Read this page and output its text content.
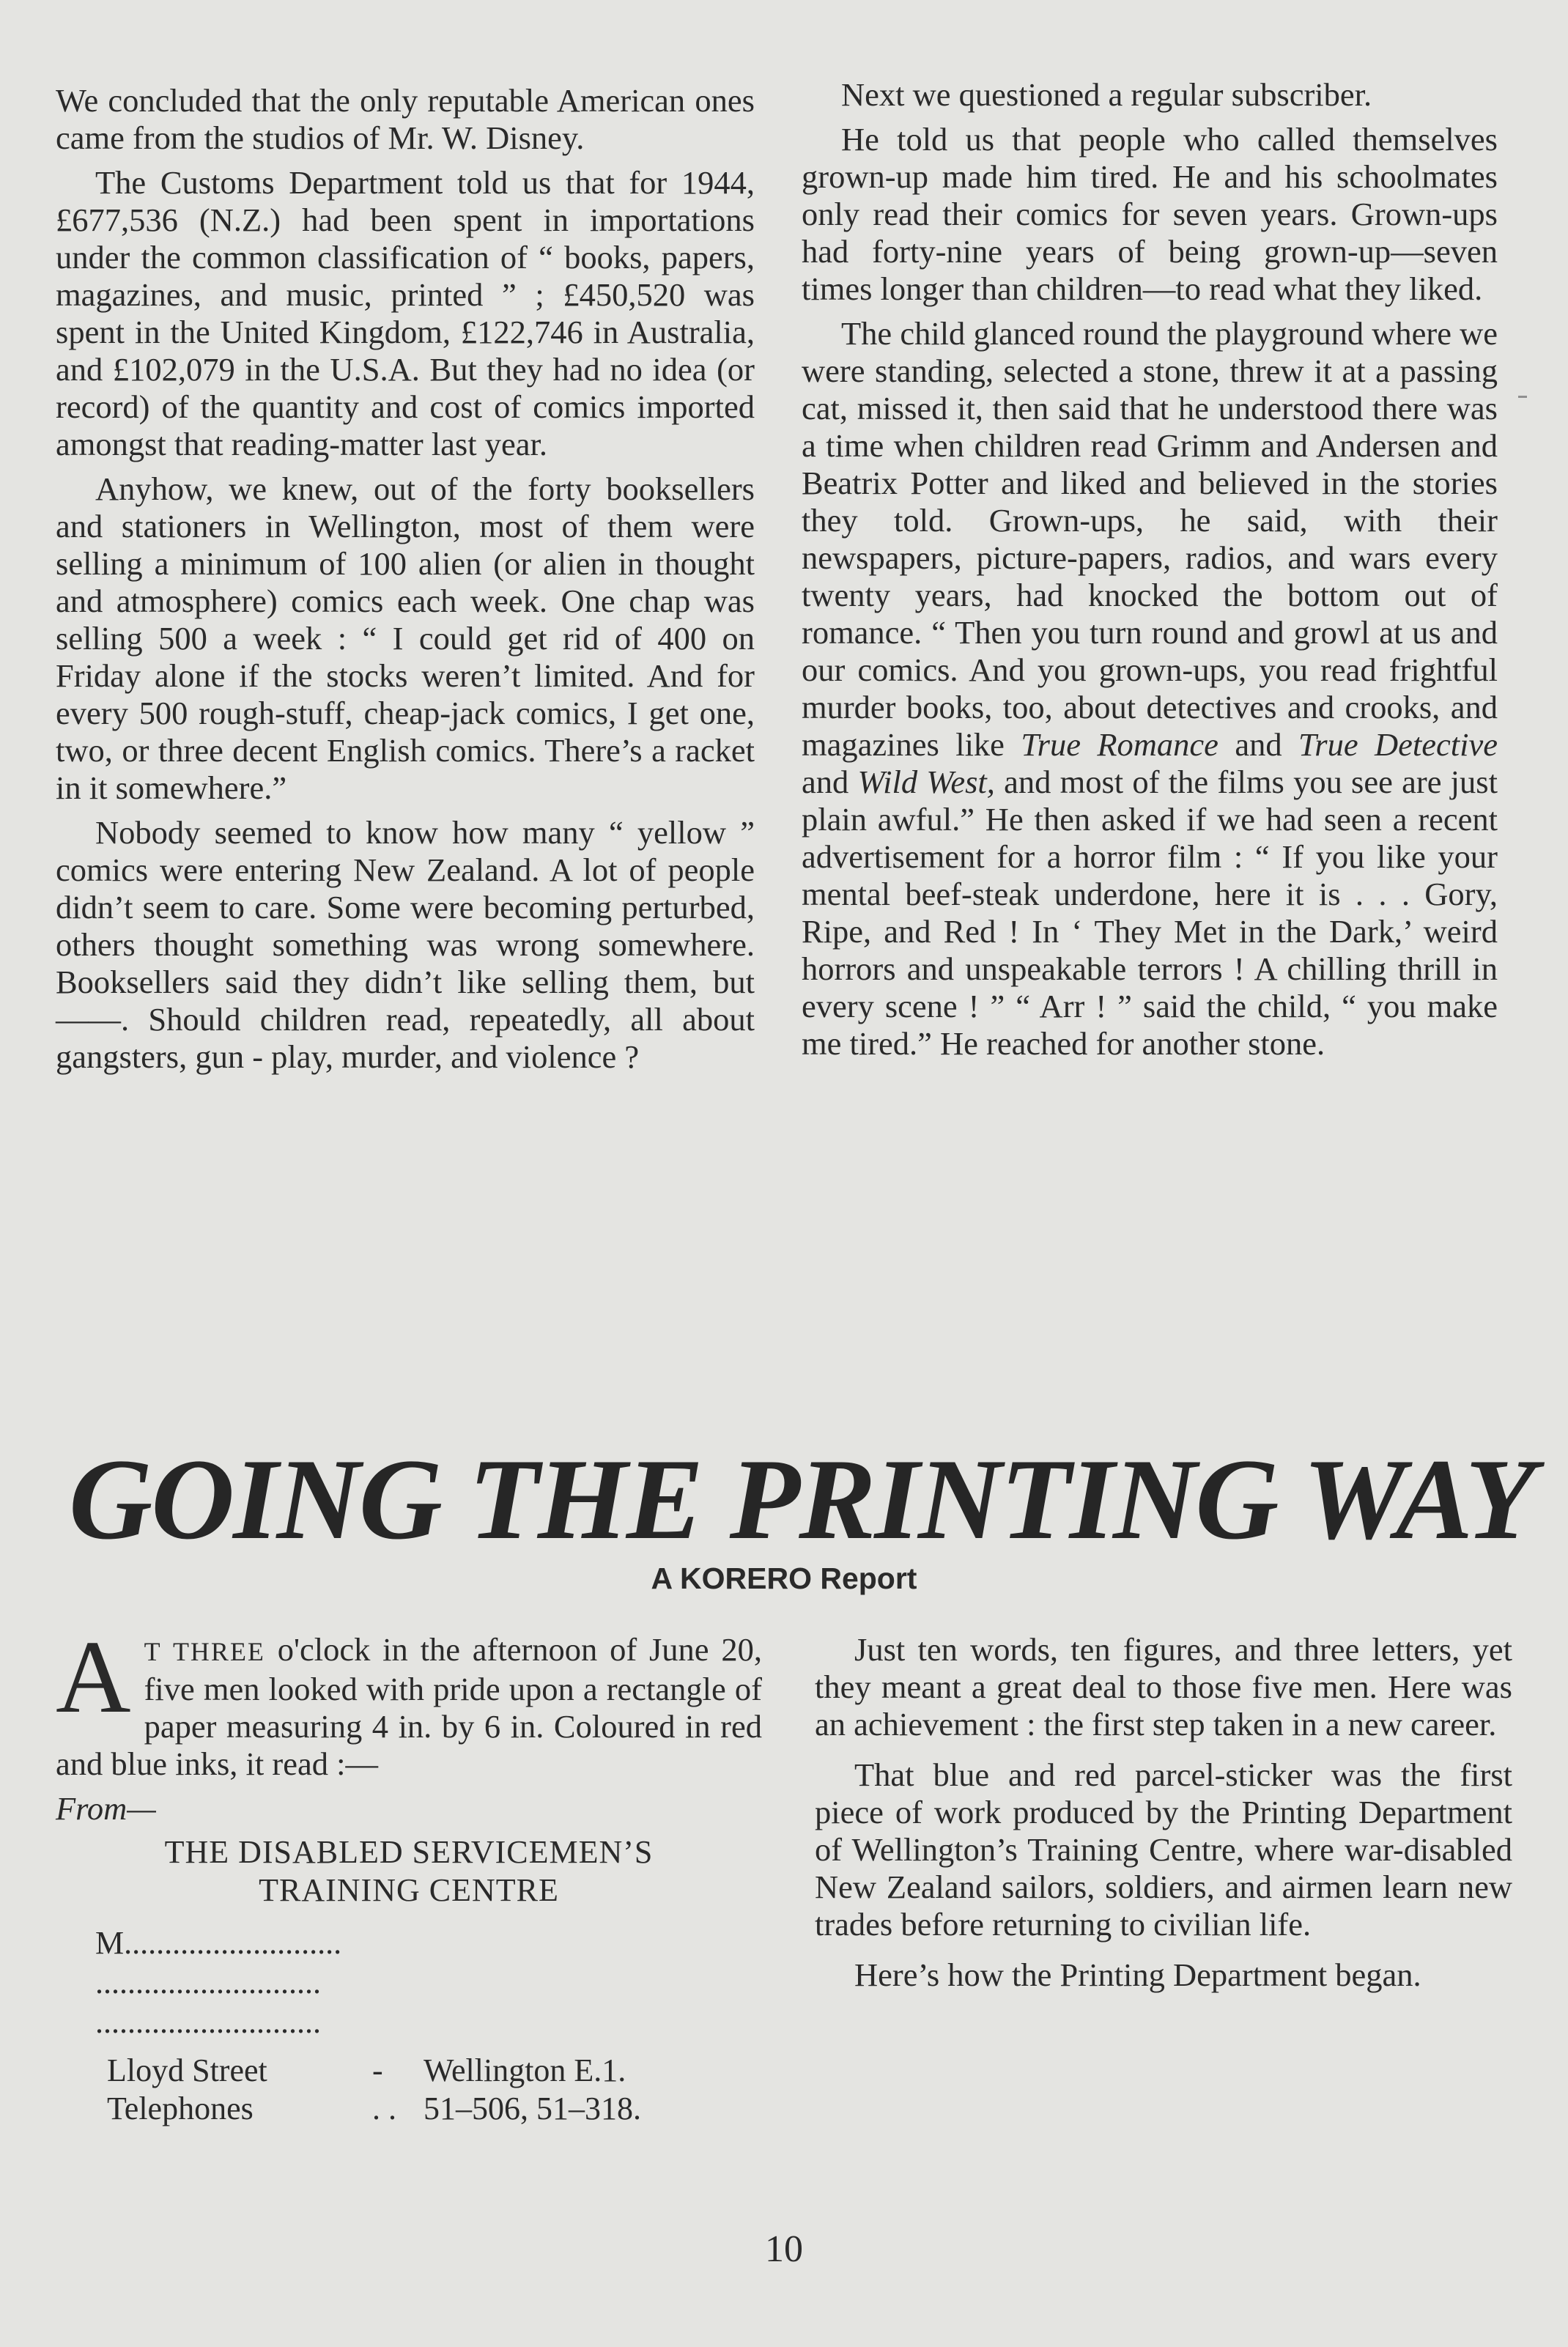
We concluded that the only reputable American ones came from the studios of Mr. W. Disney.

The Customs Department told us that for 1944, £677,536 (N.Z.) had been spent in importations under the common classification of “ books, papers, magazines, and music, printed ” ; £450,520 was spent in the United Kingdom, £122,746 in Australia, and £102,079 in the U.S.A. But they had no idea (or record) of the quantity and cost of comics imported amongst that reading-matter last year.

Anyhow, we knew, out of the forty booksellers and stationers in Wellington, most of them were selling a minimum of 100 alien (or alien in thought and atmosphere) comics each week. One chap was selling 500 a week : “ I could get rid of 400 on Friday alone if the stocks weren’t limited. And for every 500 rough-stuff, cheap-jack comics, I get one, two, or three decent English comics. There’s a racket in it somewhere.”

Nobody seemed to know how many “ yellow ” comics were entering New Zealand. A lot of people didn’t seem to care. Some were becoming perturbed, others thought something was wrong somewhere. Booksellers said they didn’t like selling them, but——. Should children read, repeatedly, all about gangsters, gun - play, murder, and violence ?

Next we questioned a regular subscriber.

He told us that people who called themselves grown-up made him tired. He and his schoolmates only read their comics for seven years. Grown-ups had forty-nine years of being grown-up—seven times longer than children—to read what they liked.

The child glanced round the playground where we were standing, selected a stone, threw it at a passing cat, missed it, then said that he understood there was a time when children read Grimm and Andersen and Beatrix Potter and liked and believed in the stories they told. Grown-ups, he said, with their newspapers, picture-papers, radios, and wars every twenty years, had knocked the bottom out of romance. “ Then you turn round and growl at us and our comics. And you grown-ups, you read frightful murder books, too, about detectives and crooks, and magazines like True Romance and True Detective and Wild West, and most of the films you see are just plain awful.” He then asked if we had seen a recent advertisement for a horror film : “ If you like your mental beef-steak underdone, here it is . . . Gory, Ripe, and Red ! In ‘ They Met in the Dark,’ weird horrors and unspeakable terrors ! A chilling thrill in every scene ! ” “ Arr ! ” said the child, “ you make me tired.” He reached for another stone.

GOING THE PRINTING WAY
A KORERO Report

A T THREE o'clock in the afternoon of June 20, five men looked with pride upon a rectangle of paper measuring 4 in. by 6 in. Coloured in red and blue inks, it read :—

From—
THE DISABLED SERVICEMEN’S
TRAINING CENTRE
M...........................
............................
............................
Lloyd Street	-	Wellington E.1.
Telephones	. . 51–506, 51–318.

Just ten words, ten figures, and three letters, yet they meant a great deal to those five men. Here was an achievement : the first step taken in a new career.

That blue and red parcel-sticker was the first piece of work produced by the Printing Department of Wellington’s Training Centre, where war-disabled New Zealand sailors, soldiers, and airmen learn new trades before returning to civilian life.

Here’s how the Printing Department began.

10
